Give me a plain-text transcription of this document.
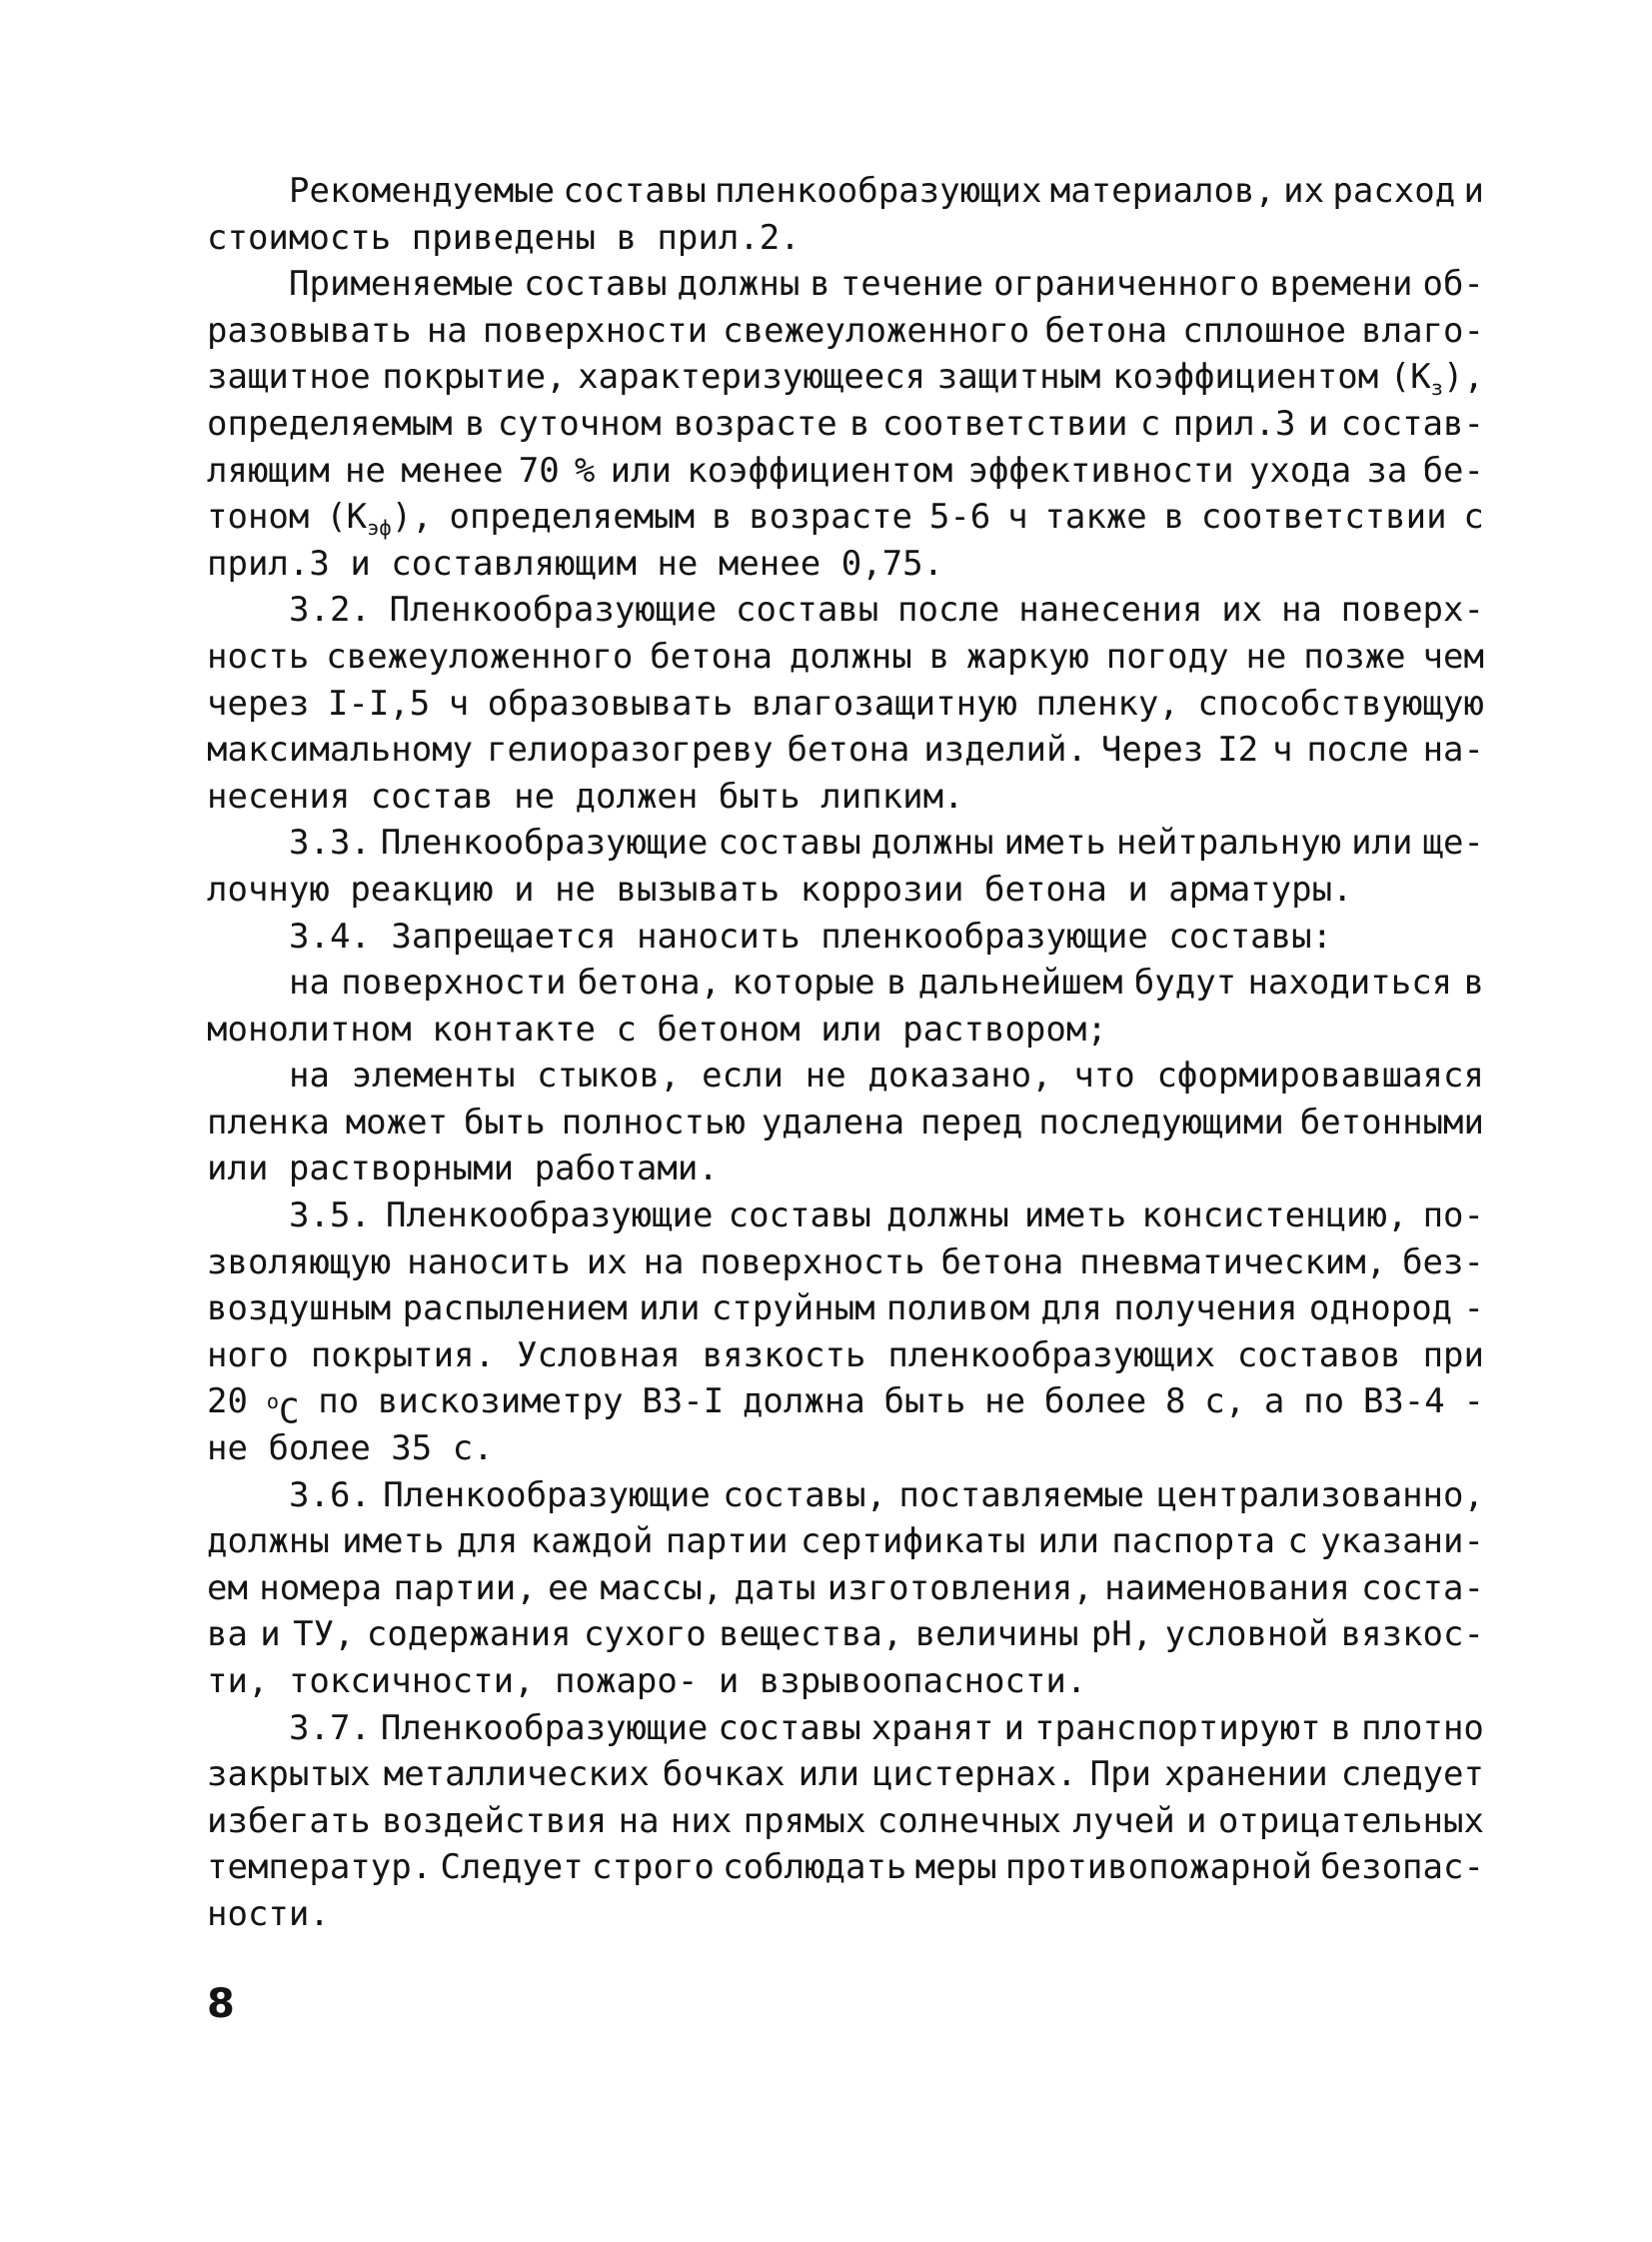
Рекомендуемые составы пленкообразующих материалов, их расход и
стоимость приведены в прил.2.
Применяемые составы должны в течение ограниченного времени об-
разовывать на поверхности свежеуложенного бетона сплошное влаго-
защитное покрытие, характеризующееся защитным коэффициентом $(К_з)$,
определяемым в суточном возрасте в соответствии с прил.3 и состав-
ляющим не менее 70 % или коэффициентом эффективности ухода за бе-
тоном $(К_{эф})$, определяемым в возрасте 5-6 ч также в соответствии с
прил.3 и составляющим не менее 0,75.
3.2. Пленкообразующие составы после нанесения их на поверх-
ность свежеуложенного бетона должны в жаркую погоду не позже чем
через I-I,5 ч образовывать влагозащитную пленку, способствующую
максимальному гелиоразогреву бетона изделий. Через I2 ч после на-
несения состав не должен быть липким.
3.3. Пленкообразующие составы должны иметь нейтральную или ще-
лочную реакцию и не вызывать коррозии бетона и арматуры.
3.4. Запрещается наносить пленкообразующие составы:
на поверхности бетона, которые в дальнейшем будут находиться в
монолитном контакте с бетоном или раствором;
на элементы стыков, если не доказано, что сформировавшаяся
пленка может быть полностью удалена перед последующими бетонными
или растворными работами.
3.5. Пленкообразующие составы должны иметь консистенцию, по-
зволяющую наносить их на поверхность бетона пневматическим, без-
воздушным распылением или струйным поливом для получения однород -
ного покрытия. Условная вязкость пленкообразующих составов при
20 $^о$С по вискозиметру ВЗ-I должна быть не более 8 с, а по ВЗ-4 -
не более 35 с.
3.6. Пленкообразующие составы, поставляемые централизованно,
должны иметь для каждой партии сертификаты или паспорта с указани-
ем номера партии, ее массы, даты изготовления, наименования соста-
ва и ТУ, содержания сухого вещества, величины рН, условной вязкос-
ти, токсичности, пожаро- и взрывоопасности.
3.7. Пленкообразующие составы хранят и транспортируют в плотно
закрытых металлических бочках или цистернах. При хранении следует
избегать воздействия на них прямых солнечных лучей и отрицательных
температур. Следует строго соблюдать меры противопожарной безопас-
ности.
8
